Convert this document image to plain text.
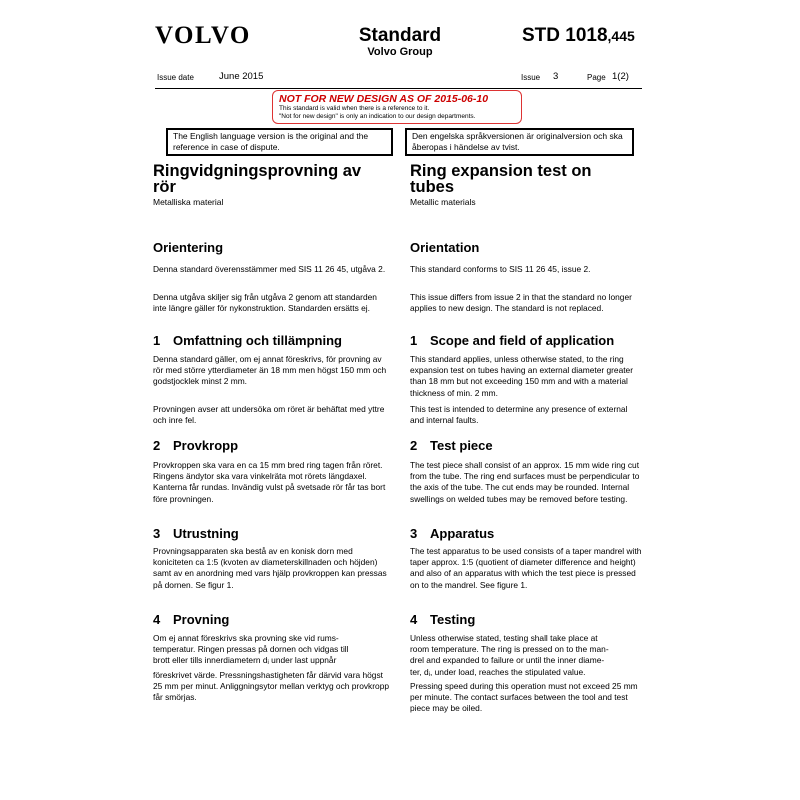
VOLVO	Standard
Volvo Group
STD 1018,445
Issue date	June 2015	Issue 3	Page 1(2)
NOT FOR NEW DESIGN AS OF 2015-06-10
This standard is valid when there is a reference to it.
"Not for new design" is only an indication to our design departments.
The English language version is the original and the reference in case of dispute.
Den engelska språkversionen är originalversion och ska åberopas i händelse av tvist.
Ringvidgningsprovning av
rör
Metalliska material
Orientering
Denna standard överensstämmer med SIS 11 26 45, utgåva 2.
Denna utgåva skiljer sig från utgåva 2 genom att standarden inte längre gäller för nykonstruktion. Standarden ersätts ej.
1 Omfattning och tillämpning
Denna standard gäller, om ej annat föreskrivs, för provning av rör med större ytterdiameter än 18 mm men högst 150 mm och godstjocklek minst 2 mm.
Provningen avser att undersöka om röret är behäftat med yttre och inre fel.
2 Provkropp
Provkroppen ska vara en ca 15 mm bred ring tagen från röret. Ringens ändytor ska vara vinkelräta mot rörets längdaxel. Kanterna får rundas. Invändig vulst på svetsade rör får tas bort före provningen.
3 Utrustning
Provningsapparaten ska bestå av en konisk dorn med koniciteten ca 1:5 (kvoten av diameterskillnaden och höjden) samt av en anordning med vars hjälp provkroppen kan pressas på dornen. Se figur 1.
4 Provning
Om ej annat föreskrivs ska provning ske vid rums-
temperatur. Ringen pressas på dornen och vidgas till
brott eller tills innerdiametern di under last uppnår
föreskrivet värde. Pressningshastigheten får därvid vara högst 25 mm per minut. Anliggningsytor mellan verktyg och provkropp får smörjas.
Ring expansion test on
tubes
Metallic materials
Orientation
This standard conforms to SIS 11 26 45, issue 2.
This issue differs from issue 2 in that the standard no longer applies to new design. The standard is not replaced.
1 Scope and field of application
This standard applies, unless otherwise stated, to the ring expansion test on tubes having an external diameter greater than 18 mm but not exceeding 150 mm and with a material thickness of min. 2 mm.
This test is intended to determine any presence of external and internal faults.
2 Test piece
The test piece shall consist of an approx. 15 mm wide ring cut from the tube. The ring end surfaces must be perpendicular to the axis of the tube. The cut ends may be rounded. Internal swellings on welded tubes may be removed before testing.
3 Apparatus
The test apparatus to be used consists of a taper mandrel with taper approx. 1:5 (quotient of diameter difference and height) and also of an apparatus with which the test piece is pressed on to the mandrel. See figure 1.
4 Testing
Unless otherwise stated, testing shall take place at
room temperature. The ring is pressed on to the man-
drel and expanded to failure or until the inner diame-
ter, di, under load, reaches the stipulated value.
Pressing speed during this operation must not exceed 25 mm per minute. The contact surfaces between the tool and test piece may be oiled.
